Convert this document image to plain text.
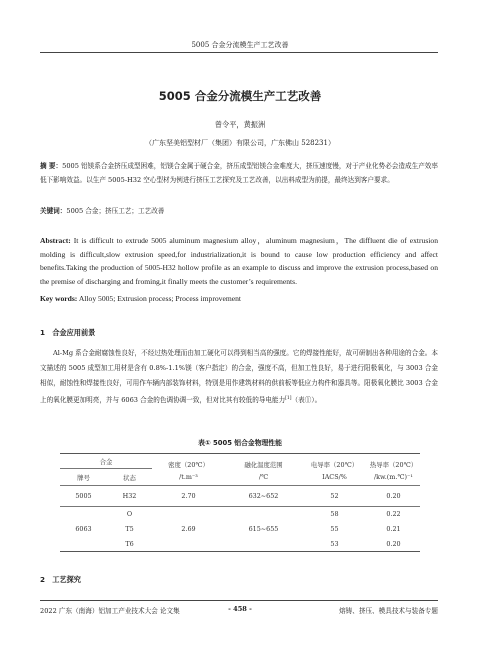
5005 合金分流模生产工艺改善
5005 合金分流模生产工艺改善
曾令平，黄振洲
（广东坚美铝型材厂（集团）有限公司，广东佛山 528231）
摘 要：5005 铝镁系合金挤压成型困难，铝镁合金属于硬合金，挤压成型铝镁合金难度大，挤压速度慢，对于产业化势必会造成生产效率低下影响效益。以生产 5005-H32 空心型材为例进行挤压工艺探究及工艺改善，以出料成型为前提，最终达到客户要求。
关键词：5005 合金；挤压工艺；工艺改善
Abstract: It is difficult to extrude 5005 aluminum magnesium alloy，aluminum magnesium，The diffluent die of extrusion molding is difficult,slow extrusion speed,for industrialization,it is bound to cause low production efficiency and affect benefits.Taking the production of 5005-H32 hollow profile as an example to discuss and improve the extrusion process,based on the premise of discharging and froming,it finally meets the customer’s requirements.
Key words: Alloy 5005; Extrusion process; Process improvement
1　合金应用前景
Al-Mg 系合金耐腐蚀性良好，不经过热处理而由加工硬化可以得到相当高的强度。它的焊接性能好，故可研制出各种用途的合金。本文描述的 5005 成型加工用材是含有 0.8%-1.1%镁（客户指定）的合金，强度不高，但加工性良好，易于进行阳极氧化，与 3003 合金相似，耐蚀性和焊接性良好，可用作车辆内部装饰材料，特别是用作建筑材料的供前板等低应力构件和器具等。阳极氧化膜比 3003 合金上的氧化膜更加明亮，并与 6063 合金的色调协调一致，但对比其有较低的导电能力[1]（表①）。
表① 5005 铝合金物理性能
合金		密度（20℃）	融化温度范围	电导率（20℃）	热导率（20℃）
牌号	状态	/t.m⁻³	/℃	IACS/%	/kw.(m.℃)⁻¹
5005	H32	2.70	632~652	52	0.20
6063	O	2.69	615~655	58	0.22
	T5			55	0.21
	T6			53	0.20
2　工艺探究
2022 广东（南海）铝加工产业技术大会 论文集	- 458 -	熔铸、挤压、模具技术与装备专题
